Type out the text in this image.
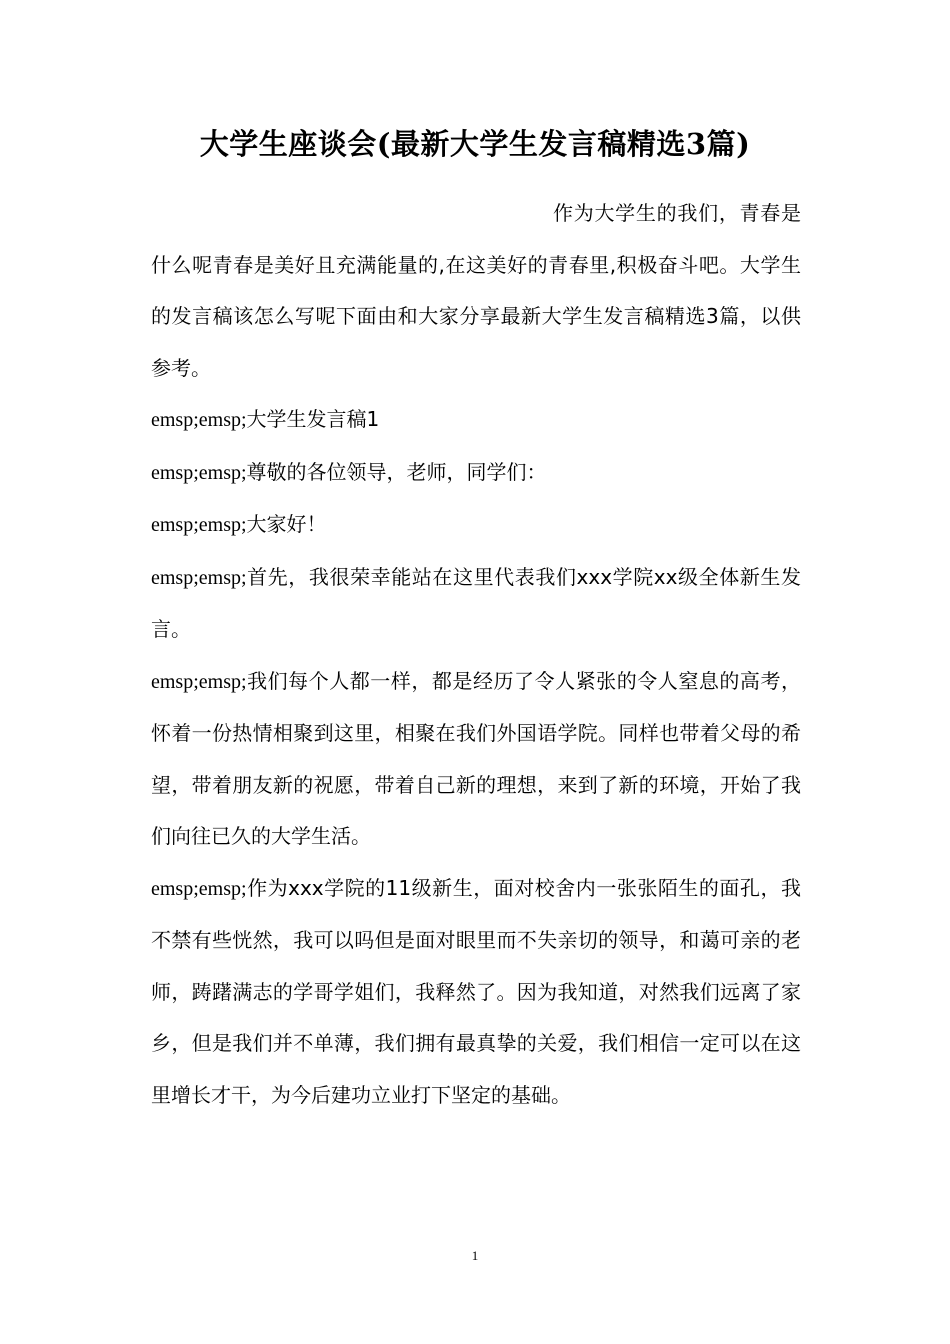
大学生座谈会(最新大学生发言稿精选3篇)

作为大学生的我们，青春是什么呢青春是美好且充满能量的,在这美好的青春里,积极奋斗吧。大学生的发言稿该怎么写呢下面由和大家分享最新大学生发言稿精选3篇，以供参考。

emsp;emsp;大学生发言稿1

emsp;emsp;尊敬的各位领导，老师，同学们：

emsp;emsp;大家好！

emsp;emsp;首先，我很荣幸能站在这里代表我们xxx学院xx级全体新生发言。

emsp;emsp;我们每个人都一样，都是经历了令人紧张的令人窒息的高考，怀着一份热情相聚到这里，相聚在我们外国语学院。同样也带着父母的希望，带着朋友新的祝愿，带着自己新的理想，来到了新的环境，开始了我们向往已久的大学生活。

emsp;emsp;作为xxx学院的11级新生，面对校舍内一张张陌生的面孔，我不禁有些恍然，我可以吗但是面对眼里而不失亲切的领导，和蔼可亲的老师，踌躇满志的学哥学姐们，我释然了。因为我知道，对然我们远离了家乡，但是我们并不单薄，我们拥有最真挚的关爱，我们相信一定可以在这里增长才干，为今后建功立业打下坚定的基础。

1
